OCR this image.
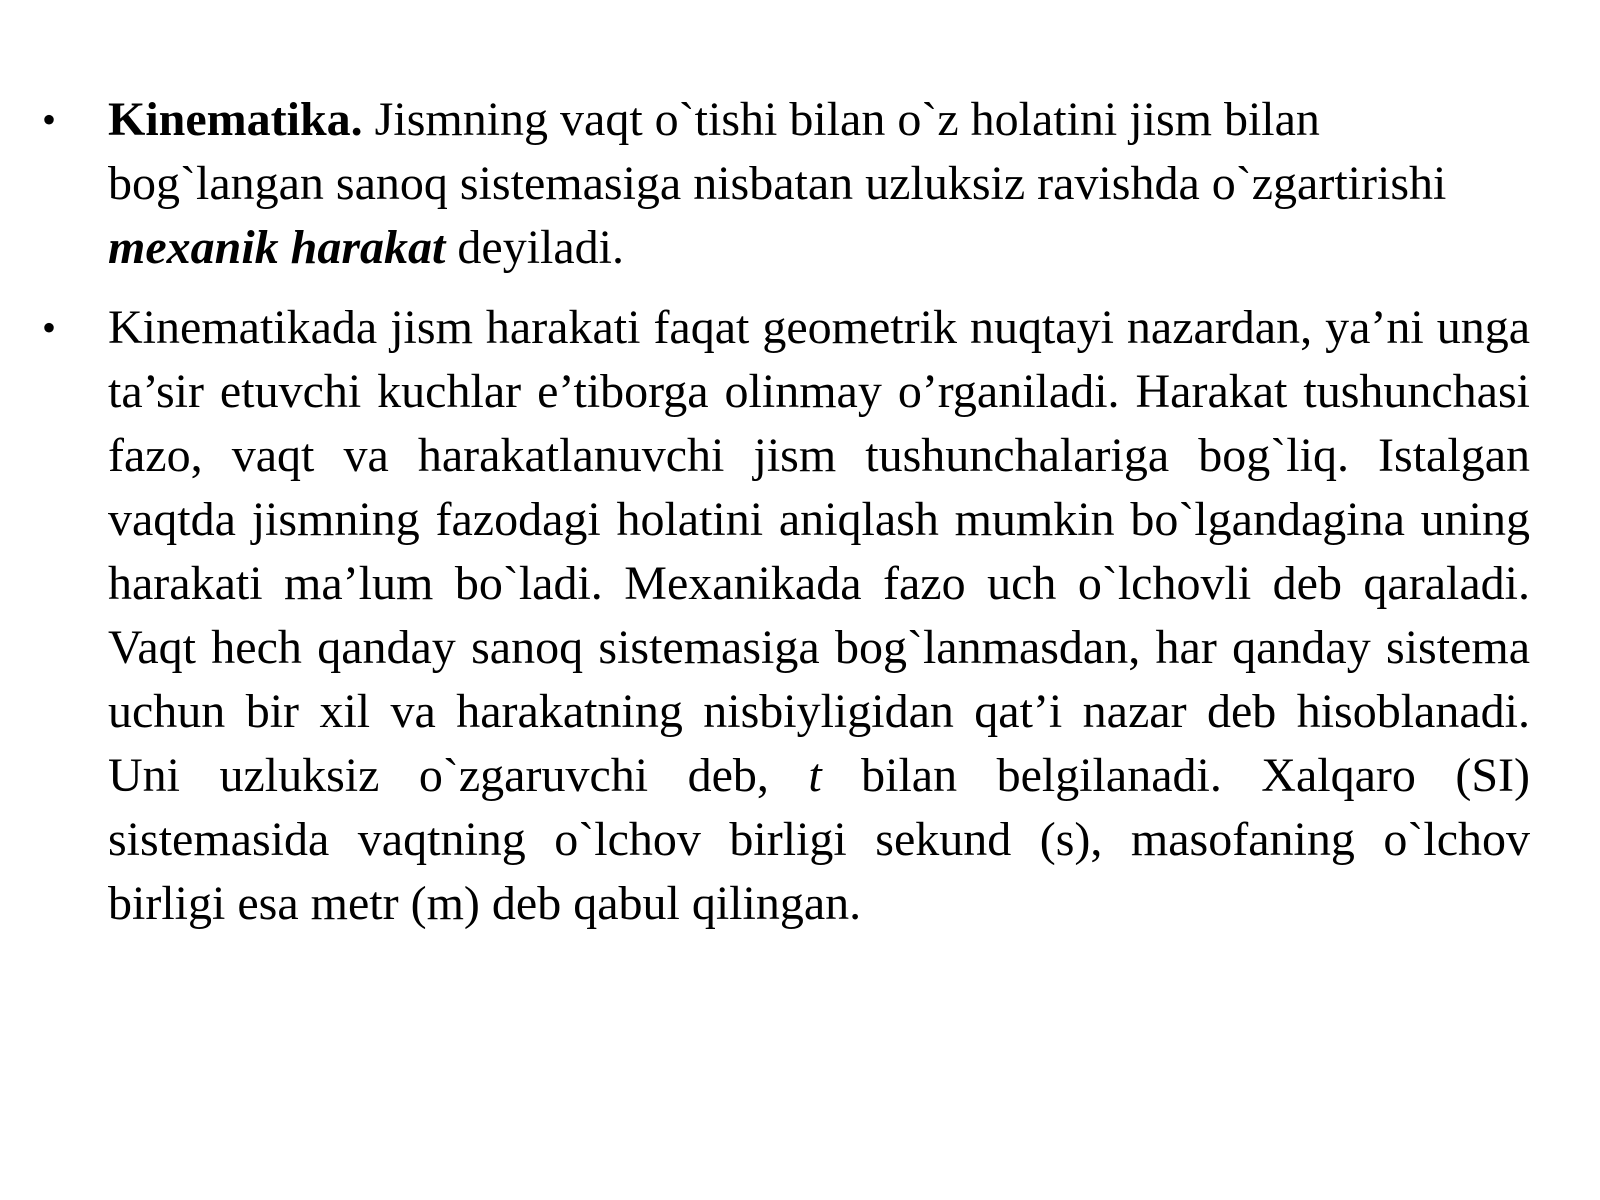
•	Kinematika. Jismning vaqt o`tishi bilan o`z holatini jism bilan bog`langan sanoq sistemasiga nisbatan uzluksiz ravishda o`zgartirishi mexanik harakat deyiladi.
•	Kinematikada jism harakati faqat geometrik nuqtayi nazardan, ya’ni unga ta’sir etuvchi kuchlar e’tiborga olinmay o’rganiladi. Harakat tushunchasi fazo, vaqt va harakatlanuvchi jism tushunchalariga bog`liq. Istalgan vaqtda jismning fazodagi holatini aniqlash mumkin bo`lgandagina uning harakati ma’lum bo`ladi. Mexanikada fazo uch o`lchovli deb qaraladi. Vaqt hech qanday sanoq sistemasiga bog`lanmasdan, har qanday sistema uchun bir xil va harakatning nisbiyligidan qat’i nazar deb hisoblanadi. Uni uzluksiz o`zgaruvchi deb, t bilan belgilanadi. Xalqaro (SI) sistemasida vaqtning o`lchov birligi sekund (s), masofaning o`lchov birligi esa metr (m) deb qabul qilingan.
